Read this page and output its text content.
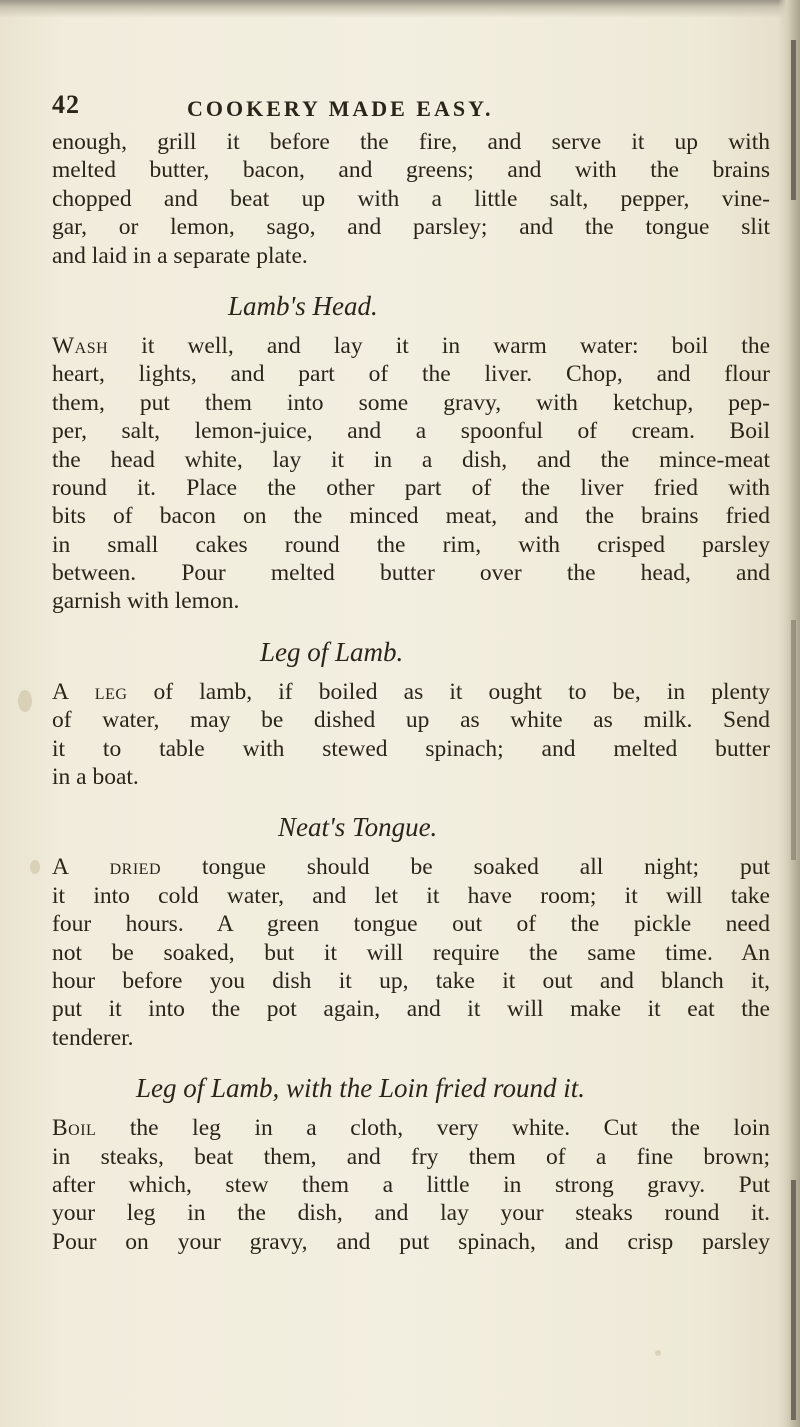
42	COOKERY MADE EASY.
enough, grill it before the fire, and serve it up with
melted butter, bacon, and greens; and with the brains
chopped and beat up with a little salt, pepper, vine-
gar, or lemon, sago, and parsley; and the tongue slit
and laid in a separate plate.
Lamb's Head.
Wash it well, and lay it in warm water: boil the
heart, lights, and part of the liver. Chop, and flour
them, put them into some gravy, with ketchup, pep-
per, salt, lemon-juice, and a spoonful of cream. Boil
the head white, lay it in a dish, and the mince-meat
round it. Place the other part of the liver fried with
bits of bacon on the minced meat, and the brains fried
in small cakes round the rim, with crisped parsley
between. Pour melted butter over the head, and
garnish with lemon.
Leg of Lamb.
A leg of lamb, if boiled as it ought to be, in plenty
of water, may be dished up as white as milk. Send
it to table with stewed spinach; and melted butter
in a boat.
Neat's Tongue.
A dried tongue should be soaked all night; put
it into cold water, and let it have room; it will take
four hours. A green tongue out of the pickle need
not be soaked, but it will require the same time. An
hour before you dish it up, take it out and blanch it,
put it into the pot again, and it will make it eat the
tenderer.
Leg of Lamb, with the Loin fried round it.
Boil the leg in a cloth, very white. Cut the loin
in steaks, beat them, and fry them of a fine brown;
after which, stew them a little in strong gravy. Put
your leg in the dish, and lay your steaks round it.
Pour on your gravy, and put spinach, and crisp parsley
